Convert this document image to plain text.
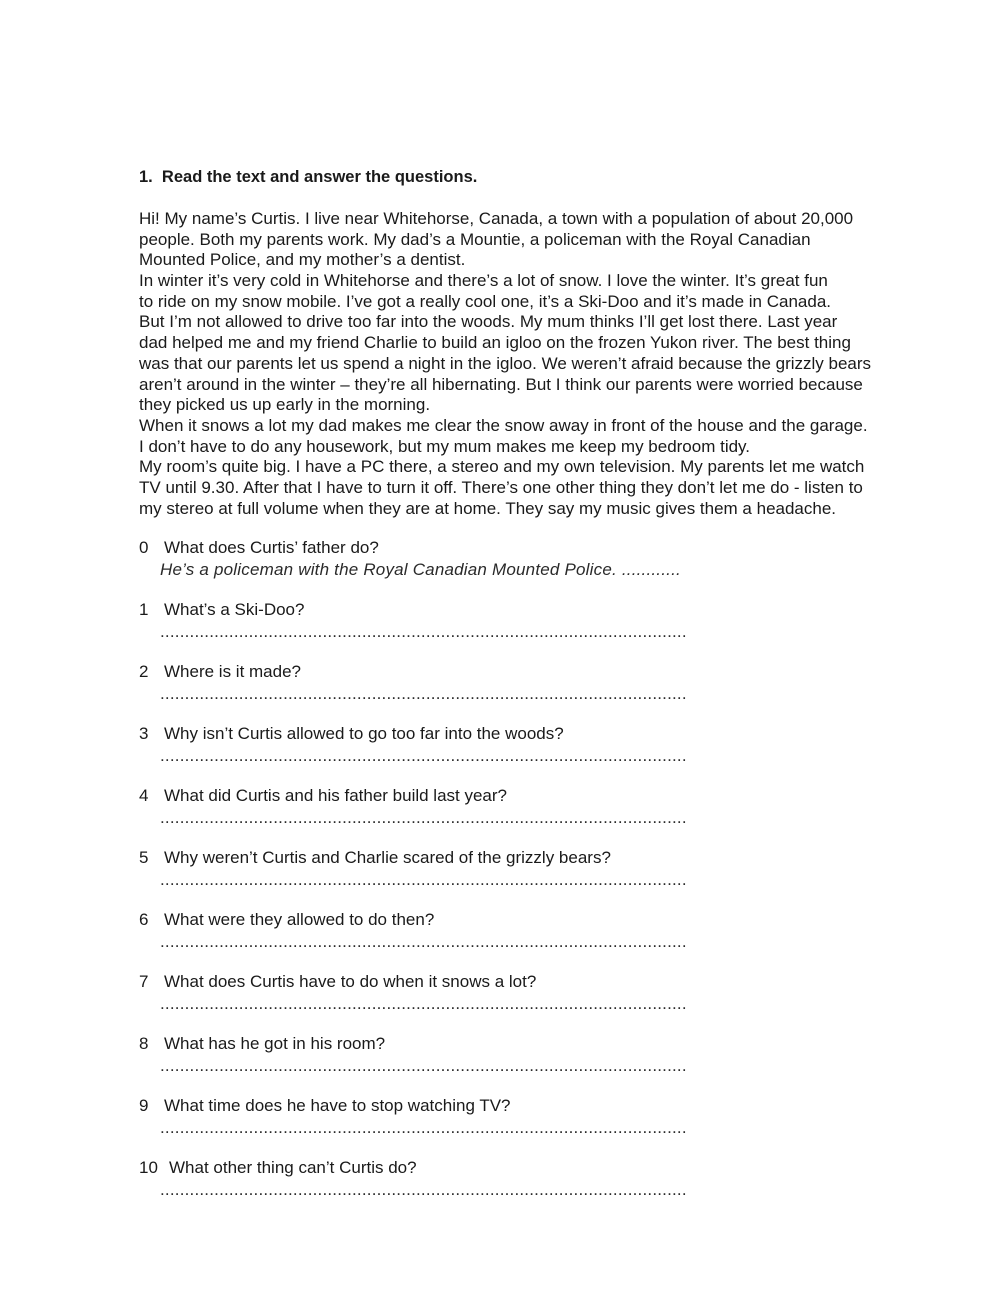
1.  Read the text and answer the questions.
Hi! My name’s Curtis. I live near Whitehorse, Canada, a town with a population of about 20,000
people. Both my parents work. My dad’s a Mountie, a policeman with the Royal Canadian
Mounted Police, and my mother’s a dentist.
In winter it’s very cold in Whitehorse and there’s a lot of snow. I love the winter. It’s great fun
to ride on my snow mobile. I’ve got a really cool one, it’s a Ski-Doo and it’s made in Canada.
But I’m not allowed to drive too far into the woods. My mum thinks I’ll get lost there. Last year
dad helped me and my friend Charlie to build an igloo on the frozen Yukon river. The best thing
was that our parents let us spend a night in the igloo. We weren’t afraid because the grizzly bears
aren’t around in the winter – they’re all hibernating. But I think our parents were worried because
they picked us up early in the morning.
When it snows a lot my dad makes me clear the snow away in front of the house and the garage.
I don’t have to do any housework, but my mum makes me keep my bedroom tidy.
My room’s quite big. I have a PC there, a stereo and my own television. My parents let me watch
TV until 9.30. After that I have to turn it off. There’s one other thing they don’t let me do - listen to
my stereo at full volume when they are at home. They say my music gives them a headache.
0 What does Curtis’ father do?
He’s a policeman with the Royal Canadian Mounted Police. ............
1 What’s a Ski-Doo?
...........................................................................................................
2 Where is it made?
...........................................................................................................
3 Why isn’t Curtis allowed to go too far into the woods?
...........................................................................................................
4 What did Curtis and his father build last year?
...........................................................................................................
5 Why weren’t Curtis and Charlie scared of the grizzly bears?
...........................................................................................................
6 What were they allowed to do then?
...........................................................................................................
7 What does Curtis have to do when it snows a lot?
...........................................................................................................
8 What has he got in his room?
...........................................................................................................
9 What time does he have to stop watching TV?
...........................................................................................................
10 What other thing can’t Curtis do?
...........................................................................................................
